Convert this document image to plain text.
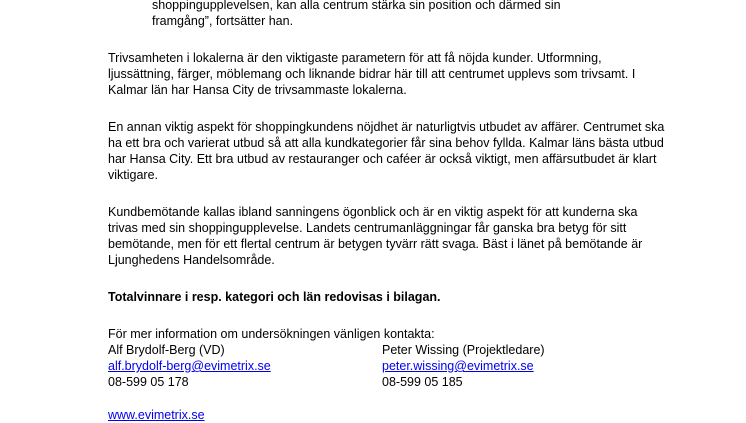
shoppingupplevelsen, kan alla centrum stärka sin position och därmed sin
framgång”, fortsätter han.

Trivsamheten i lokalerna är den viktigaste parametern för att få nöjda kunder. Utformning, ljussättning, färger, möblemang och liknande bidrar här till att centrumet upplevs som trivsamt. I Kalmar län har Hansa City de trivsammaste lokalerna.

En annan viktig aspekt för shoppingkundens nöjdhet är naturligtvis utbudet av affärer. Centrumet ska ha ett bra och varierat utbud så att alla kundkategorier får sina behov fyllda. Kalmar läns bästa utbud har Hansa City. Ett bra utbud av restauranger och caféer är också viktigt, men affärsutbudet är klart viktigare.

Kundbemötande kallas ibland sanningens ögonblick och är en viktig aspekt för att kunderna ska trivas med sin shoppingupplevelse. Landets centrumanläggningar får ganska bra betyg för sitt bemötande, men för ett flertal centrum är betygen tyvärr rätt svaga. Bäst i länet på bemötande är Ljunghedens Handelsområde.

Totalvinnare i resp. kategori och län redovisas i bilagan.

För mer information om undersökningen vänligen kontakta:

Alf Brydolf-Berg (VD)	Peter Wissing (Projektledare)
alf.brydolf-berg@evimetrix.se	peter.wissing@evimetrix.se
08-599 05 178	08-599 05 185
www.evimetrix.se
